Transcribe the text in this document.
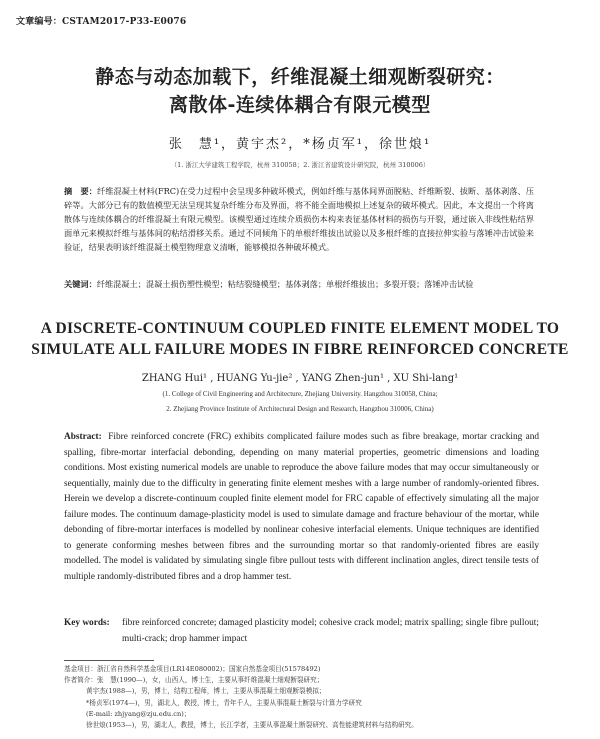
文章编号：CSTAM2017-P33-E0076
静态与动态加载下，纤维混凝土细观断裂研究：
离散体-连续体耦合有限元模型
张　慧¹，黄宇杰²，*杨贞军¹，徐世烺¹
（1. 浙江大学建筑工程学院，杭州 310058；2. 浙江省建筑设计研究院，杭州 310006）
摘　要：纤维混凝土材料(FRC)在受力过程中会呈现多种破坏模式，例如纤维与基体间界面脱粘、纤维断裂、拔断、基体剥落、压碎等。大部分已有的数值模型无法呈现其复杂纤维分布及界面，将不能全面地模拟上述复杂的破坏模式。因此，本文提出一个将离散体与连续体耦合的纤维混凝土有限元模型。该模型通过连续介质损伤本构来表征基体材料的损伤与开裂，通过嵌入非线性粘结界面单元来模拟纤维与基体间的粘结滑移关系。通过不同倾角下的单根纤维拔出试验以及多根纤维的直接拉伸实验与落锤冲击试验来验证，结果表明该纤维混凝土模型物理意义清晰，能够模拟各种破坏模式。
关键词：纤维混凝土；混凝土损伤塑性模型；粘结裂缝模型；基体剥落；单根纤维拔出；多裂开裂；落锤冲击试验
A DISCRETE-CONTINUUM COUPLED FINITE ELEMENT MODEL TO
SIMULATE ALL FAILURE MODES IN FIBRE REINFORCED CONCRETE
ZHANG Hui¹ , HUANG Yu-jie² , YANG Zhen-jun¹ , XU Shi-lang¹
(1. College of Civil Engineering and Architecture, Zhejiang University. Hangzhou 310058, China;
2. Zhejiang Province Institute of Architectural Design and Research, Hangzhou 310006, China)
Abstract: Fibre reinforced concrete (FRC) exhibits complicated failure modes such as fibre breakage, mortar cracking and spalling, fibre-mortar interfacial debonding, depending on many material properties, geometric dimensions and loading conditions. Most existing numerical models are unable to reproduce the above failure modes that may occur simultaneously or sequentially, mainly due to the difficulty in generating finite element meshes with a large number of randomly-oriented fibres. Herein we develop a discrete-continuum coupled finite element model for FRC capable of effectively simulating all the major failure modes. The continuum damage-plasticity model is used to simulate damage and fracture behaviour of the mortar, while debonding of fibre-mortar interfaces is modelled by nonlinear cohesive interfacial elements. Unique techniques are identified to generate conforming meshes between fibres and the surrounding mortar so that randomly-oriented fibres are easily modelled. The model is validated by simulating single fibre pullout tests with different inclination angles, direct tensile tests of multiple randomly-distributed fibres and a drop hammer test.
Key words:	fibre reinforced concrete; damaged plasticity model; cohesive crack model; matrix spalling; single fibre pullout; multi-crack; drop hammer impact
基金项目：浙江省自然科学基金项目(LR14E080002)；国家自然基金项目(51578492)
作者简介：张　慧(1990—)，女，山西人，博士生，主要从事纤维混凝土细观断裂研究；
黄宇杰(1988—)，男，博士，结构工程师，博士，主要从事混凝土细观断裂模拟；
*杨贞军(1974—)，男，湖北人，教授，博士，青年千人，主要从事混凝土断裂与计算力学研究
(E-mail: zhjyang@zju.edu.cn)；
徐世烺(1953—)，男，湖北人，教授，博士，长江学者，主要从事混凝土断裂研究、高性能建筑材料与结构研究。
